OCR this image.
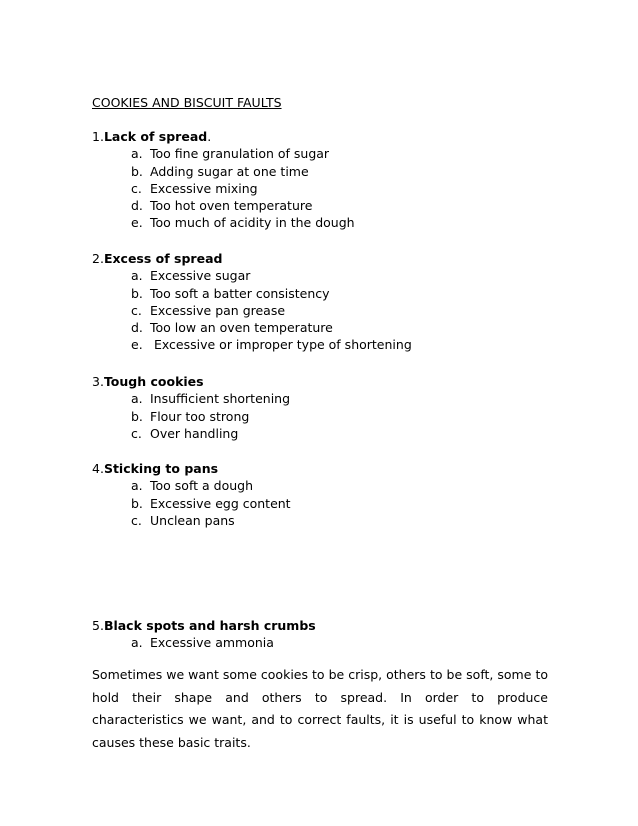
COOKIES AND BISCUIT FAULTS
1.Lack of spread.
a. Too fine granulation of sugar
b. Adding sugar at one time
c. Excessive mixing
d. Too hot oven temperature
e. Too much of acidity in the dough
2.Excess of spread
a. Excessive sugar
b. Too soft a batter consistency
c. Excessive pan grease
d. Too low an oven temperature
e. Excessive or improper type of shortening
3.Tough cookies
a. Insufficient shortening
b. Flour too strong
c. Over handling
4.Sticking to pans
a. Too soft a dough
b. Excessive egg content
c. Unclean pans
5.Black spots and harsh crumbs
a. Excessive ammonia

Sometimes we want some cookies to be crisp, others to be soft, some to hold their shape and others to spread. In order to produce characteristics we want, and to correct faults, it is useful to know what causes these basic traits.
